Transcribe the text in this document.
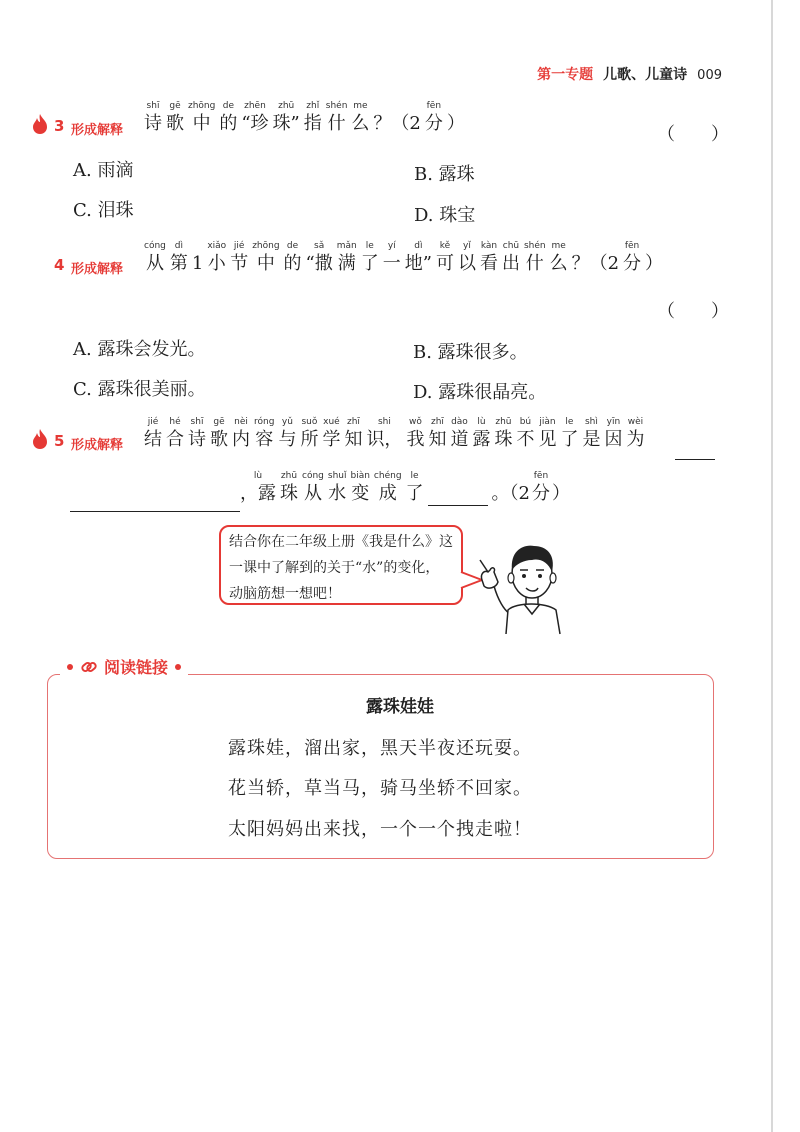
第一专题 儿歌、儿童诗 009
3 形成解释
shī
诗
gē
歌
zhōng
中
de
的
zhēn
“珍
zhū
珠”
zhǐ
指
shén
什
me
么 ？（2
fēn
分 ）
（　　）
A. 雨滴	B. 露珠
C. 泪珠	D. 珠宝
4 形成解释
cóng
从
dì
第 1
xiǎo
小
jié
节
zhōng
中
de
的
sǎ
“撒
mǎn
满
le
了
yí
一
dì
地”
kě
可
yǐ
以
kàn
看
chū
出
shén
什
me
么 ？（2
fēn
分 ）
（　　）
A. 露珠会发光。	B. 露珠很多。
C. 露珠很美丽。	D. 露珠很晶亮。
5 形成解释
jié
结
hé
合
shī
诗
gē
歌
nèi
内
róng
容
yǔ
与
suǒ
所
xué
学
zhī
知
shi
识，
wǒ
我
zhī
知
dào
道
lù
露
zhū
珠
bú
不
jiàn
见
le
了
shì
是
yīn
因
wèi
为
lù
，露
zhū
珠
cóng
从
shuǐ
水
biàn
变
chéng
成
le
了	。（2
fēn
分 ）
结合你在二年级上册《我是什么》这一课中了解到的关于“水”的变化，动脑筋想一想吧！
阅读链接
露珠娃娃
露珠娃，溜出家，黑天半夜还玩耍。
花当轿，草当马，骑马坐轿不回家。
太阳妈妈出来找，一个一个拽走啦！
